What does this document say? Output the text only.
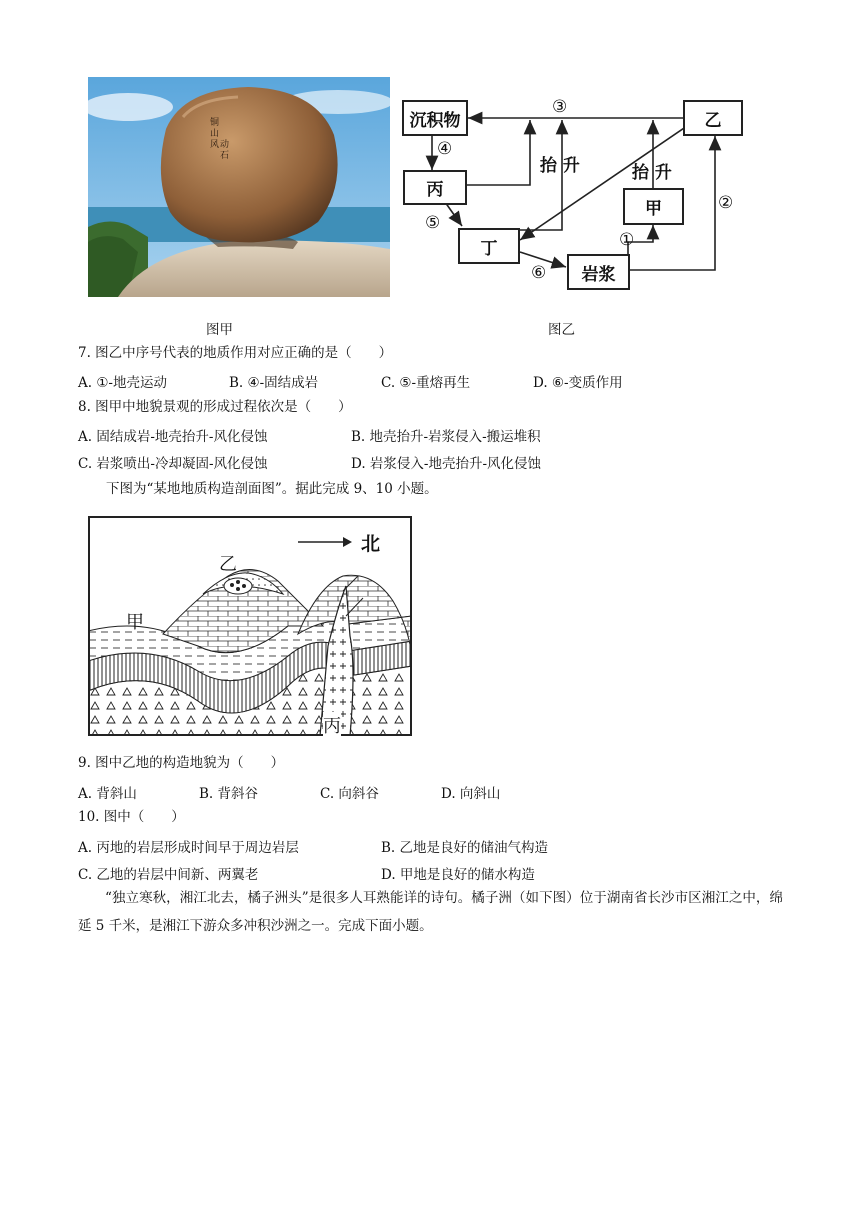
铜山风动石
沉积物	乙
丙
甲
丁
岩浆
抬 升	抬 升
①
②
③
④
⑤
⑥
图甲	图乙
7. 图乙中序号代表的地质作用对应正确的是（　　）
A. ①-地壳运动	B. ④-固结成岩	C. ⑤-重熔再生	D. ⑥-变质作用
8. 图甲中地貌景观的形成过程依次是（　　）
A. 固结成岩-地壳抬升-风化侵蚀	B. 地壳抬升-岩浆侵入-搬运堆积
C. 岩浆喷出-冷却凝固-风化侵蚀	D. 岩浆侵入-地壳抬升-风化侵蚀
下图为“某地地质构造剖面图”。据此完成 9、10 小题。
北
乙
甲
丙
9. 图中乙地的构造地貌为（　　）
A. 背斜山	B. 背斜谷	C. 向斜谷	D. 向斜山
10. 图中（　　）
A. 丙地的岩层形成时间早于周边岩层	B. 乙地是良好的储油气构造
C. 乙地的岩层中间新、两翼老	D. 甲地是良好的储水构造
“独立寒秋，湘江北去，橘子洲头”是很多人耳熟能详的诗句。橘子洲（如下图）位于湖南省长沙市区湘江之中，绵延 5 千米，是湘江下游众多冲积沙洲之一。完成下面小题。
